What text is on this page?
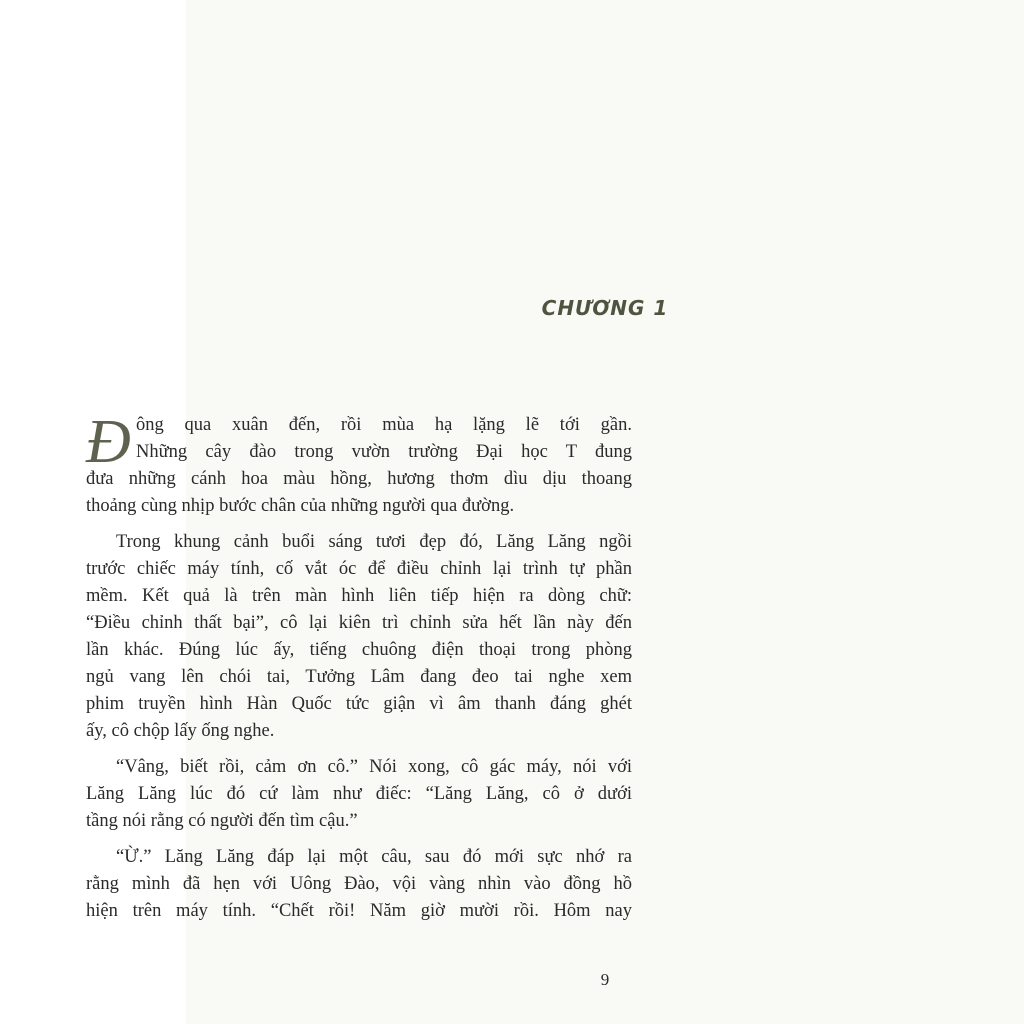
CHƯƠNG 1
9
Đ ông qua xuân đến, rồi mùa hạ lặng lẽ tới gần.
Những cây đào trong vườn trường Đại học T đung
đưa những cánh hoa màu hồng, hương thơm dìu dịu thoang
thoảng cùng nhịp bước chân của những người qua đường.
Trong khung cảnh buổi sáng tươi đẹp đó, Lăng Lăng ngồi
trước chiếc máy tính, cố vắt óc để điều chỉnh lại trình tự phần
mềm. Kết quả là trên màn hình liên tiếp hiện ra dòng chữ:
“Điều chỉnh thất bại”, cô lại kiên trì chỉnh sửa hết lần này đến
lần khác. Đúng lúc ấy, tiếng chuông điện thoại trong phòng
ngủ vang lên chói tai, Tưởng Lâm đang đeo tai nghe xem
phim truyền hình Hàn Quốc tức giận vì âm thanh đáng ghét
ấy, cô chộp lấy ống nghe.
“Vâng, biết rồi, cảm ơn cô.” Nói xong, cô gác máy, nói với
Lăng Lăng lúc đó cứ làm như điếc: “Lăng Lăng, cô ở dưới
tầng nói rằng có người đến tìm cậu.”
“Ừ.” Lăng Lăng đáp lại một câu, sau đó mới sực nhớ ra
rằng mình đã hẹn với Uông Đào, vội vàng nhìn vào đồng hồ
hiện trên máy tính. “Chết rồi! Năm giờ mười rồi. Hôm nay
